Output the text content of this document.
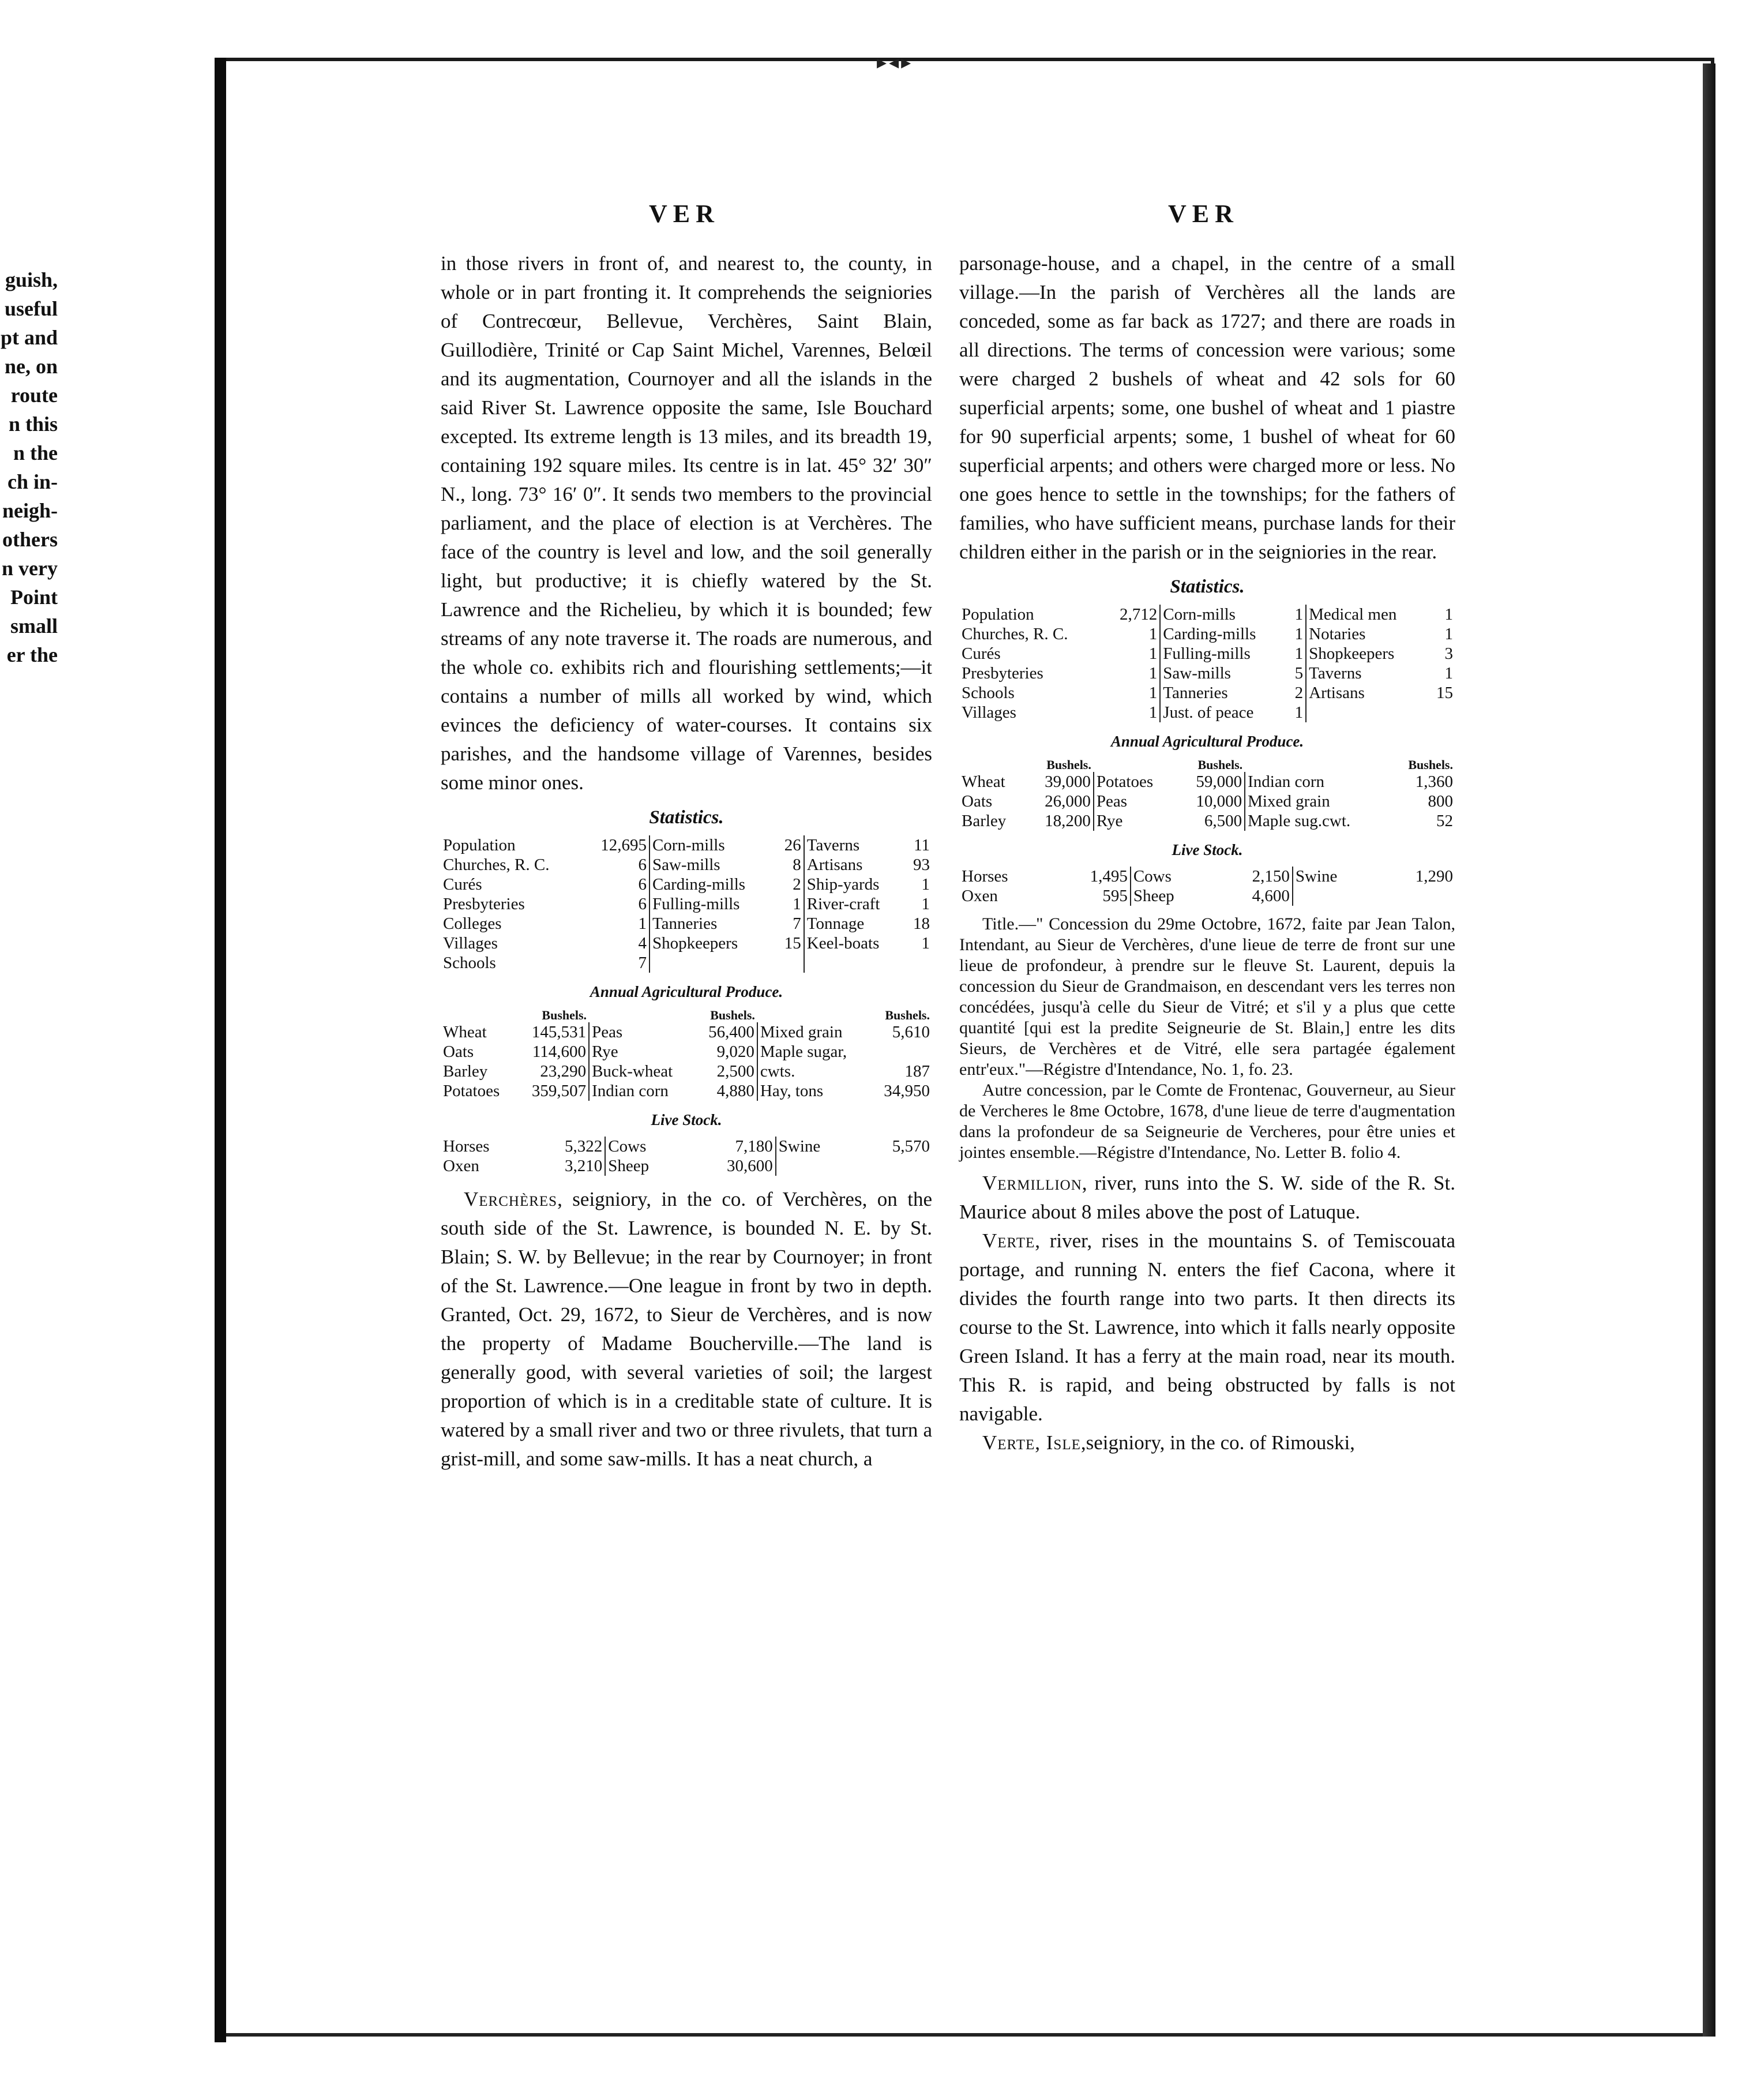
▸◂▸
guish,
useful
pt and
ne, on
route
n this
n the
ch in-
neigh-
others
n very
Point
small
er the
VER	VER

in those rivers in front of, and nearest to, the county, in whole or in part fronting it. It comprehends the seigniories of Contrecœur, Bellevue, Verchères, Saint Blain, Guillodière, Trinité or Cap Saint Michel, Varennes, Belœil and its augmentation, Cournoyer and all the islands in the said River St. Lawrence opposite the same, Isle Bouchard excepted. Its extreme length is 13 miles, and its breadth 19, containing 192 square miles. Its centre is in lat. 45° 32′ 30″ N., long. 73° 16′ 0″. It sends two members to the provincial parliament, and the place of election is at Verchères. The face of the country is level and low, and the soil generally light, but productive; it is chiefly watered by the St. Lawrence and the Richelieu, by which it is bounded; few streams of any note traverse it. The roads are numerous, and the whole co. exhibits rich and flourishing settlements;—it contains a number of mills all worked by wind, which evinces the deficiency of water-courses. It contains six parishes, and the handsome village of Varennes, besides some minor ones.

Statistics.
Population	12,695	Corn-mills	26	Taverns	11
Churches, R. C.	6	Saw-mills	8	Artisans	93
Curés	6	Carding-mills	2	Ship-yards	1
Presbyteries	6	Fulling-mills	1	River-craft	1
Colleges	1	Tanneries	7	Tonnage	18
Villages	4	Shopkeepers	15	Keel-boats	1
Schools	7				
Annual Agricultural Produce.
	Bushels.		Bushels.		Bushels.
Wheat	145,531	Peas	56,400	Mixed grain	5,610
Oats	114,600	Rye	9,020	Maple sugar,	
Barley	23,290	Buck-wheat	2,500	cwts.	187
Potatoes	359,507	Indian corn	4,880	Hay, tons	34,950
Live Stock.
Horses	5,322	Cows	7,180	Swine	5,570
Oxen	3,210	Sheep	30,600		

Verchères, seigniory, in the co. of Verchères, on the south side of the St. Lawrence, is bounded N. E. by St. Blain; S. W. by Bellevue; in the rear by Cournoyer; in front of the St. Lawrence.—One league in front by two in depth. Granted, Oct. 29, 1672, to Sieur de Verchères, and is now the property of Madame Boucherville.—The land is generally good, with several varieties of soil; the largest proportion of which is in a creditable state of culture. It is watered by a small river and two or three rivulets, that turn a grist-mill, and some saw-mills. It has a neat church, a

parsonage-house, and a chapel, in the centre of a small village.—In the parish of Verchères all the lands are conceded, some as far back as 1727; and there are roads in all directions. The terms of concession were various; some were charged 2 bushels of wheat and 42 sols for 60 superficial arpents; some, one bushel of wheat and 1 piastre for 90 superficial arpents; some, 1 bushel of wheat for 60 superficial arpents; and others were charged more or less. No one goes hence to settle in the townships; for the fathers of families, who have sufficient means, purchase lands for their children either in the parish or in the seigniories in the rear.

Statistics.
Population	2,712	Corn-mills	1	Medical men	1
Churches, R. C.	1	Carding-mills	1	Notaries	1
Curés	1	Fulling-mills	1	Shopkeepers	3
Presbyteries	1	Saw-mills	5	Taverns	1
Schools	1	Tanneries	2	Artisans	15
Villages	1	Just. of peace	1		
Annual Agricultural Produce.
	Bushels.		Bushels.		Bushels.
Wheat	39,000	Potatoes	59,000	Indian corn	1,360
Oats	26,000	Peas	10,000	Mixed grain	800
Barley	18,200	Rye	6,500	Maple sug.cwt.	52
Live Stock.
Horses	1,495	Cows	2,150	Swine	1,290
Oxen	595	Sheep	4,600		

Title.—" Concession du 29me Octobre, 1672, faite par Jean Talon, Intendant, au Sieur de Verchères, d'une lieue de terre de front sur une lieue de profondeur, à prendre sur le fleuve St. Laurent, depuis la concession du Sieur de Grandmaison, en descendant vers les terres non concédées, jusqu'à celle du Sieur de Vitré; et s'il y a plus que cette quantité [qui est la predite Seigneurie de St. Blain,] entre les dits Sieurs, de Verchères et de Vitré, elle sera partagée également entr'eux."—Régistre d'Intendance, No. 1, fo. 23.

Autre concession, par le Comte de Frontenac, Gouverneur, au Sieur de Vercheres le 8me Octobre, 1678, d'une lieue de terre d'augmentation dans la profondeur de sa Seigneurie de Vercheres, pour être unies et jointes ensemble.—Régistre d'Intendance, No. Letter B. folio 4.

Vermillion, river, runs into the S. W. side of the R. St. Maurice about 8 miles above the post of Latuque.

Verte, river, rises in the mountains S. of Temiscouata portage, and running N. enters the fief Cacona, where it divides the fourth range into two parts. It then directs its course to the St. Lawrence, into which it falls nearly opposite Green Island. It has a ferry at the main road, near its mouth. This R. is rapid, and being obstructed by falls is not navigable.

Verte, Isle,seigniory, in the co. of Rimouski,
